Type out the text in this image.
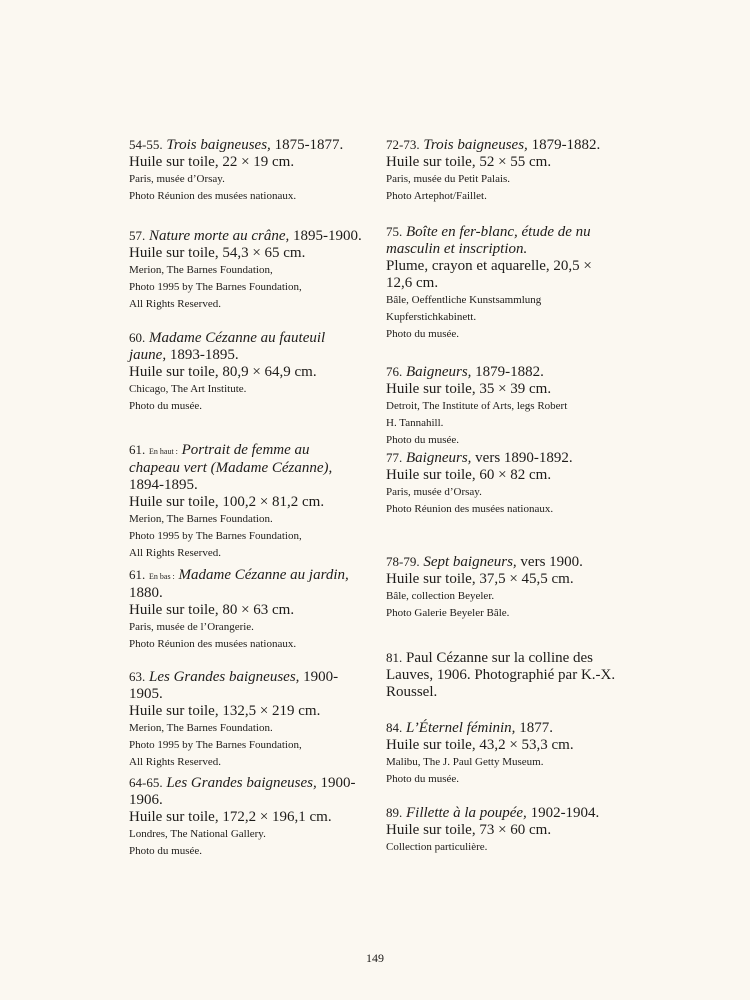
54-55. Trois baigneuses, 1875-1877.
Huile sur toile, 22 × 19 cm.
Paris, musée d’Orsay.
Photo Réunion des musées nationaux.
57. Nature morte au crâne, 1895-1900.
Huile sur toile, 54,3 × 65 cm.
Merion, The Barnes Foundation,
Photo 1995 by The Barnes Foundation,
All Rights Reserved.
60. Madame Cézanne au fauteuil jaune, 1893-1895.
Huile sur toile, 80,9 × 64,9 cm.
Chicago, The Art Institute.
Photo du musée.
61. En haut : Portrait de femme au chapeau vert (Madame Cézanne), 1894-1895.
Huile sur toile, 100,2 × 81,2 cm.
Merion, The Barnes Foundation.
Photo 1995 by The Barnes Foundation,
All Rights Reserved.
61. En bas : Madame Cézanne au jardin, 1880.
Huile sur toile, 80 × 63 cm.
Paris, musée de l’Orangerie.
Photo Réunion des musées nationaux.
63. Les Grandes baigneuses, 1900-1905.
Huile sur toile, 132,5 × 219 cm.
Merion, The Barnes Foundation.
Photo 1995 by The Barnes Foundation,
All Rights Reserved.
64-65. Les Grandes baigneuses, 1900-1906.
Huile sur toile, 172,2 × 196,1 cm.
Londres, The National Gallery.
Photo du musée.
72-73. Trois baigneuses, 1879-1882.
Huile sur toile, 52 × 55 cm.
Paris, musée du Petit Palais.
Photo Artephot/Faillet.
75. Boîte en fer-blanc, étude de nu masculin et inscription.
Plume, crayon et aquarelle, 20,5 × 12,6 cm.
Bâle, Oeffentliche Kunstsammlung
Kupferstichkabinett.
Photo du musée.
76. Baigneurs, 1879-1882.
Huile sur toile, 35 × 39 cm.
Detroit, The Institute of Arts, legs Robert
H. Tannahill.
Photo du musée.
77. Baigneurs, vers 1890-1892.
Huile sur toile, 60 × 82 cm.
Paris, musée d’Orsay.
Photo Réunion des musées nationaux.
78-79. Sept baigneurs, vers 1900.
Huile sur toile, 37,5 × 45,5 cm.
Bâle, collection Beyeler.
Photo Galerie Beyeler Bâle.
81. Paul Cézanne sur la colline des Lauves, 1906. Photographié par K.-X. Roussel.
84. L’Éternel féminin, 1877.
Huile sur toile, 43,2 × 53,3 cm.
Malibu, The J. Paul Getty Museum.
Photo du musée.
89. Fillette à la poupée, 1902-1904.
Huile sur toile, 73 × 60 cm.
Collection particulière.
149
